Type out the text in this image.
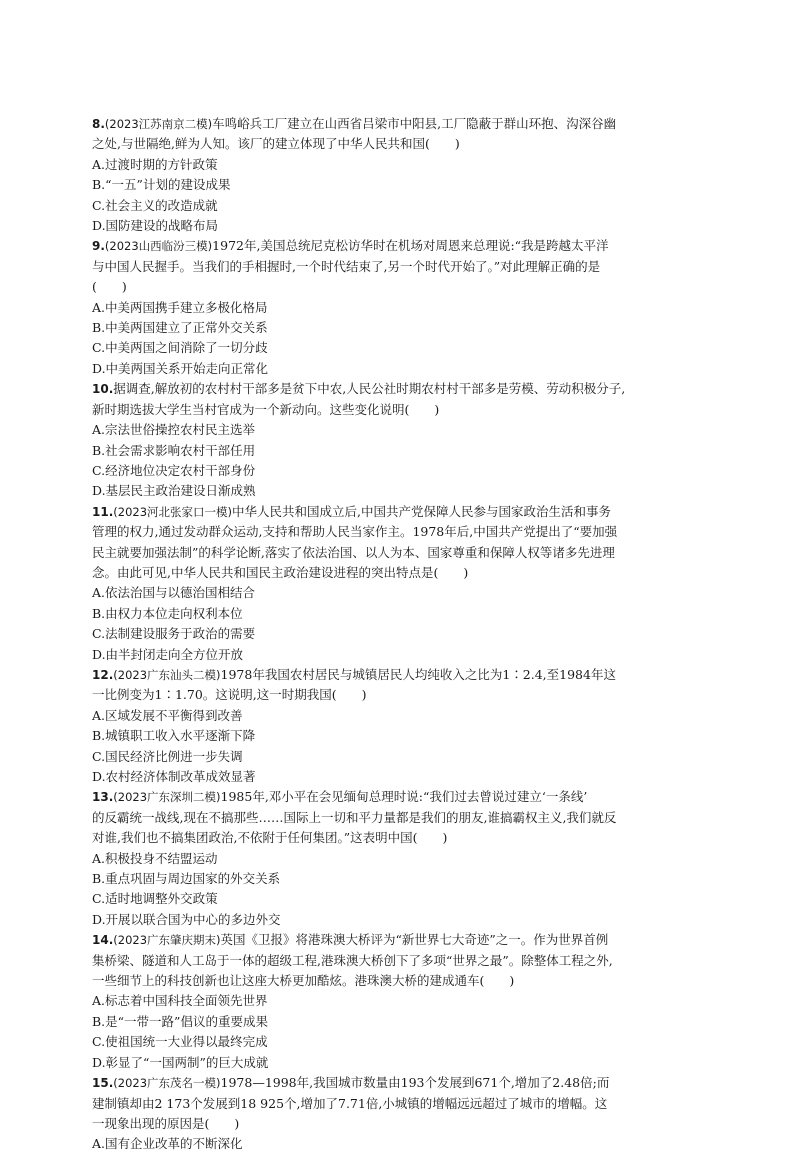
8.(2023江苏南京二模)车鸣峪兵工厂建立在山西省吕梁市中阳县,工厂隐蔽于群山环抱、沟深谷幽

之处,与世隔绝,鲜为人知。该厂的建立体现了中华人民共和国(　　)

A.过渡时期的方针政策

B.“一五”计划的建设成果

C.社会主义的改造成就

D.国防建设的战略布局

9.(2023山西临汾三模)1972年,美国总统尼克松访华时在机场对周恩来总理说:“我是跨越太平洋

与中国人民握手。当我们的手相握时,一个时代结束了,另一个时代开始了。”对此理解正确的是

(　　)

A.中美两国携手建立多极化格局

B.中美两国建立了正常外交关系

C.中美两国之间消除了一切分歧

D.中美两国关系开始走向正常化

10.据调查,解放初的农村村干部多是贫下中农,人民公社时期农村村干部多是劳模、劳动积极分子,

新时期选拔大学生当村官成为一个新动向。这些变化说明(　　)

A.宗法世俗操控农村民主选举

B.社会需求影响农村干部任用

C.经济地位决定农村干部身份

D.基层民主政治建设日渐成熟

11.(2023河北张家口一模)中华人民共和国成立后,中国共产党保障人民参与国家政治生活和事务

管理的权力,通过发动群众运动,支持和帮助人民当家作主。1978年后,中国共产党提出了“要加强

民主就要加强法制”的科学论断,落实了依法治国、以人为本、国家尊重和保障人权等诸多先进理

念。由此可见,中华人民共和国民主政治建设进程的突出特点是(　　)

A.依法治国与以德治国相结合

B.由权力本位走向权利本位

C.法制建设服务于政治的需要

D.由半封闭走向全方位开放

12.(2023广东汕头二模)1978年我国农村居民与城镇居民人均纯收入之比为1∶2.4,至1984年这

一比例变为1∶1.70。这说明,这一时期我国(　　)

A.区域发展不平衡得到改善

B.城镇职工收入水平逐渐下降

C.国民经济比例进一步失调

D.农村经济体制改革成效显著

13.(2023广东深圳二模)1985年,邓小平在会见缅甸总理时说:“我们过去曾说过建立‘一条线’

的反霸统一战线,现在不搞那些……国际上一切和平力量都是我们的朋友,谁搞霸权主义,我们就反

对谁,我们也不搞集团政治,不依附于任何集团。”这表明中国(　　)

A.积极投身不结盟运动

B.重点巩固与周边国家的外交关系

C.适时地调整外交政策

D.开展以联合国为中心的多边外交

14.(2023广东肇庆期末)英国《卫报》将港珠澳大桥评为“新世界七大奇迹”之一。作为世界首例

集桥梁、隧道和人工岛于一体的超级工程,港珠澳大桥创下了多项“世界之最”。除整体工程之外,

一些细节上的科技创新也让这座大桥更加酷炫。港珠澳大桥的建成通车(　　)

A.标志着中国科技全面领先世界

B.是“一带一路”倡议的重要成果

C.使祖国统一大业得以最终完成

D.彰显了“一国两制”的巨大成就

15.(2023广东茂名一模)1978—1998年,我国城市数量由193个发展到671个,增加了2.48倍;而

建制镇却由2 173个发展到18 925个,增加了7.71倍,小城镇的增幅远远超过了城市的增幅。这

一现象出现的原因是(　　)

A.国有企业改革的不断深化
